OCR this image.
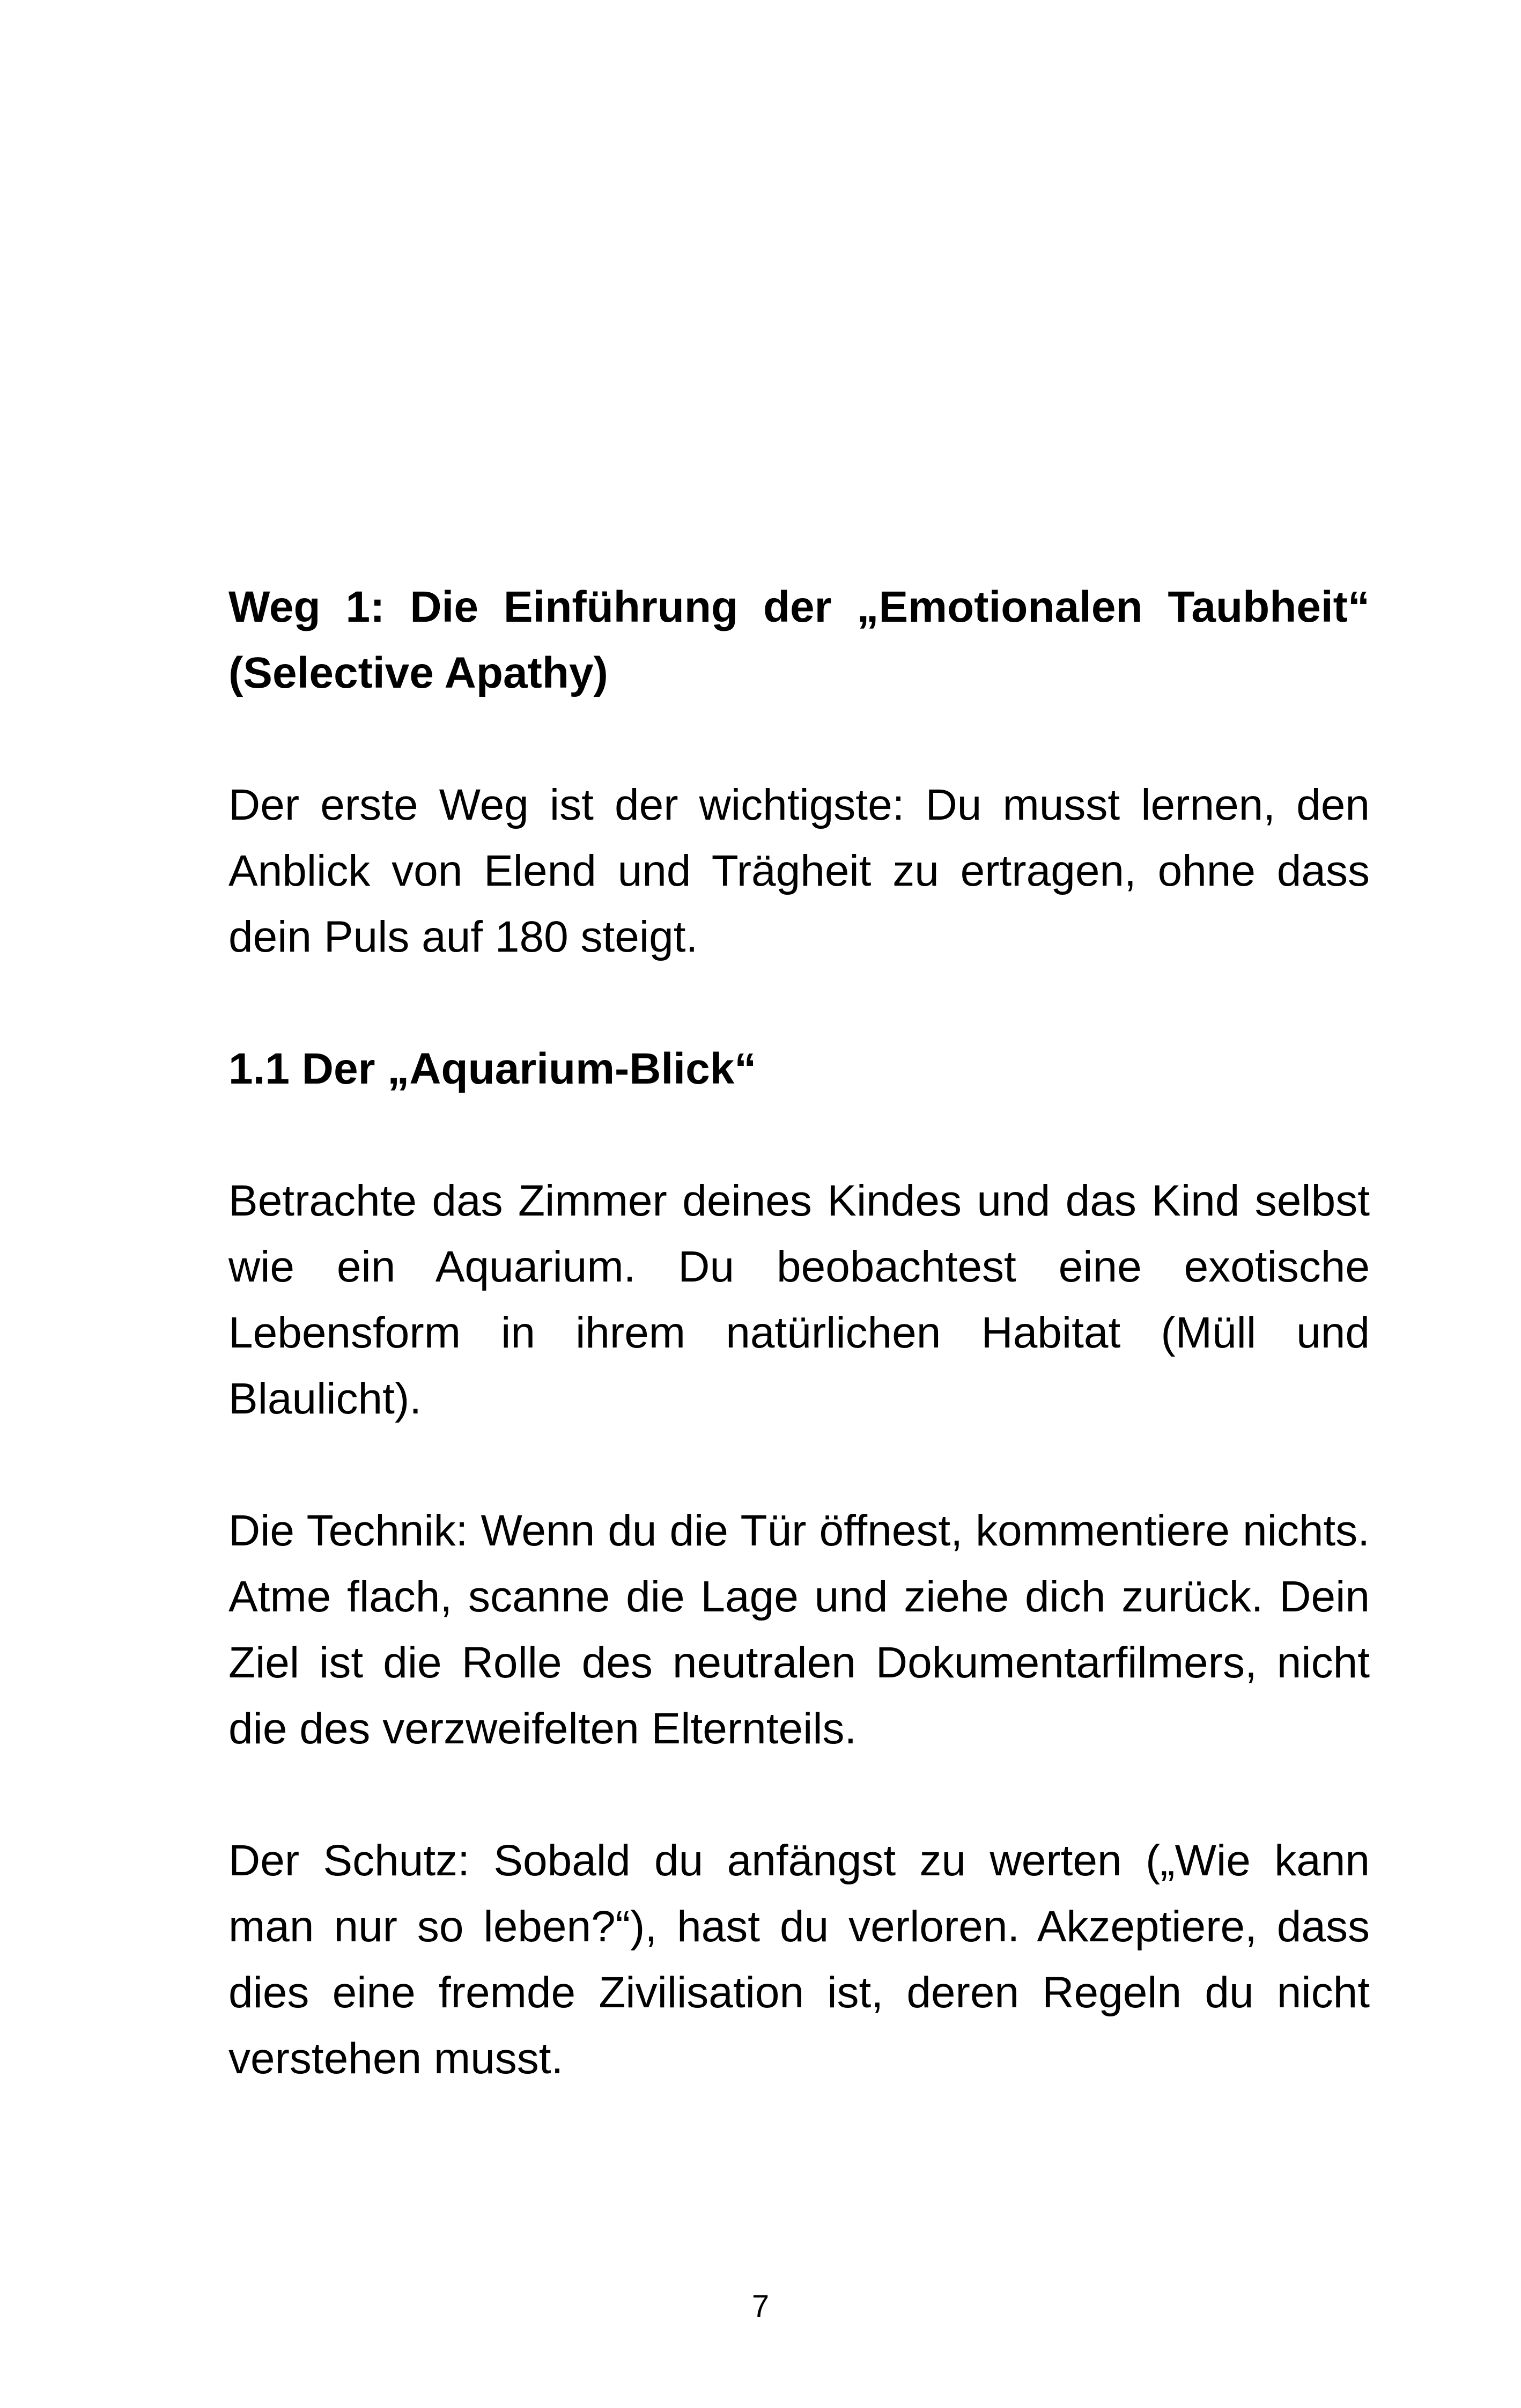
Weg 1: Die Einführung der „Emotionalen Taubheit“ (Selective Apathy)

Der erste Weg ist der wichtigste: Du musst lernen, den Anblick von Elend und Trägheit zu ertragen, ohne dass dein Puls auf 180 steigt.

1.1 Der „Aquarium-Blick“

Betrachte das Zimmer deines Kindes und das Kind selbst wie ein Aquarium. Du beobachtest eine exotische Lebensform in ihrem natürlichen Habitat (Müll und Blaulicht).

Die Technik: Wenn du die Tür öffnest, kommentiere nichts. Atme flach, scanne die Lage und ziehe dich zurück. Dein Ziel ist die Rolle des neutralen Dokumentarfilmers, nicht die des verzweifelten Elternteils.

Der Schutz: Sobald du anfängst zu werten („Wie kann man nur so leben?“), hast du verloren. Akzeptiere, dass dies eine fremde Zivilisation ist, deren Regeln du nicht verstehen musst.

7
